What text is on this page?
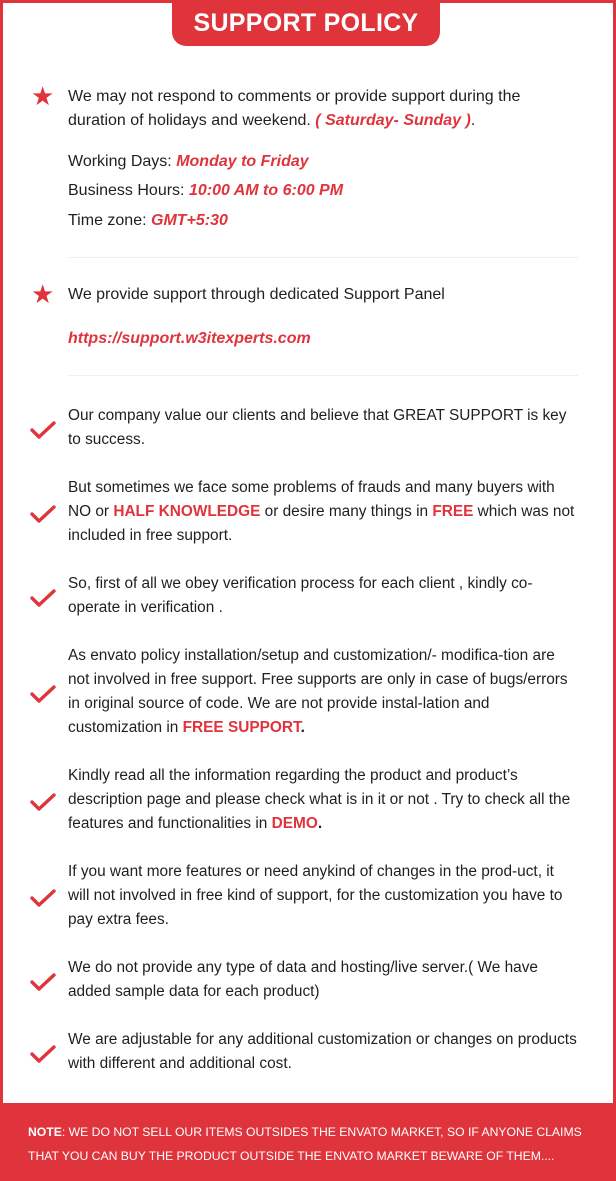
SUPPORT POLICY
★ We may not respond to comments or provide support during the duration of holidays and weekend. ( Saturday- Sunday ).
Working Days: Monday to Friday
Business Hours: 10:00 AM to 6:00 PM
Time zone: GMT+5:30
★ We provide support through dedicated Support Panel
https://support.w3itexperts.com
Our company value our clients and believe that GREAT SUPPORT is key to success.
But sometimes we face some problems of frauds and many buyers with NO or HALF KNOWLEDGE or desire many things in FREE which was not included in free support.
So, first of all we obey verification process for each client , kindly co-operate in verification .
As envato policy installation/setup and customization/- modifica-tion are not involved in free support. Free supports are only in case of bugs/errors in original source of code. We are not provide instal-lation and customization in FREE SUPPORT.
Kindly read all the information regarding the product and product’s description page and please check what is in it or not . Try to check all the features and functionalities in DEMO.
If you want more features or need anykind of changes in the prod-uct, it will not involved in free kind of support, for the customization you have to pay extra fees.
We do not provide any type of data and hosting/live server.( We have added sample data for each product)
We are adjustable for any additional customization or changes on products with different and additional cost.
NOTE: WE DO NOT SELL OUR ITEMS OUTSIDES THE ENVATO MARKET, SO IF ANYONE CLAIMS THAT YOU CAN BUY THE PRODUCT OUTSIDE THE ENVATO MARKET BEWARE OF THEM....
